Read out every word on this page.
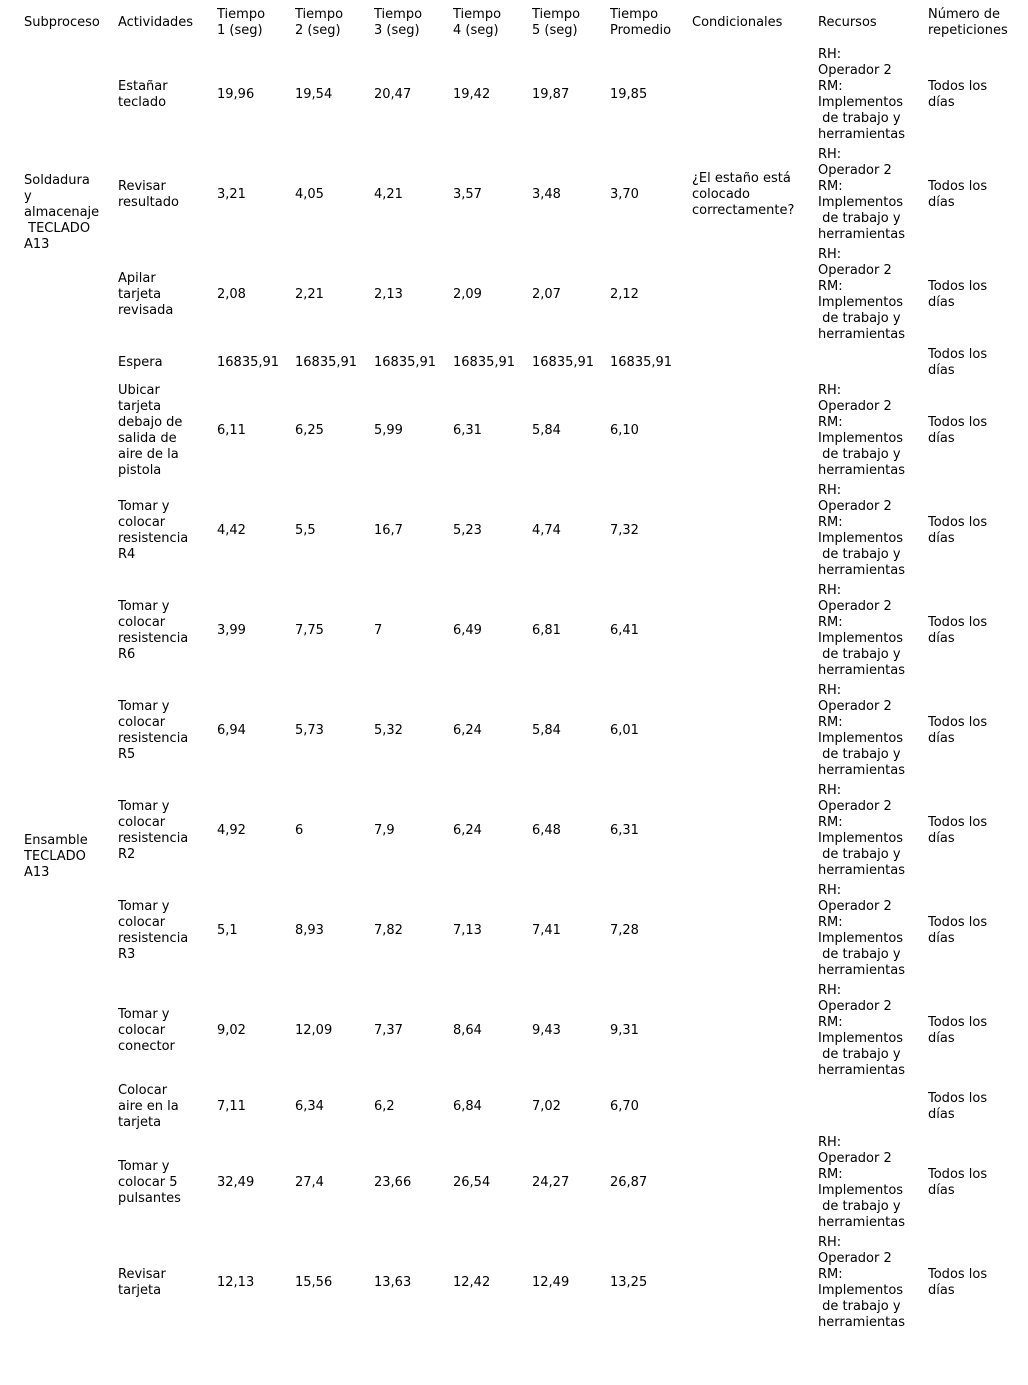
Subproceso	Actividades	Tiempo
1 (seg)	Tiempo
2 (seg)	Tiempo
3 (seg)	Tiempo
4 (seg)	Tiempo
5 (seg)	Tiempo
Promedio	Condicionales	Recursos	Número de
repeticiones
Soldadura
y
almacenaje
TECLADO
A13	Estañar
teclado	19,96	19,54	20,47	19,42	19,87	19,85		RH:
Operador 2
RM:
Implementos
de trabajo y
herramientas	Todos los
días
Revisar
resultado	3,21	4,05	4,21	3,57	3,48	3,70	¿El estaño está
colocado
correctamente?	RH:
Operador 2
RM:
Implementos
de trabajo y
herramientas	Todos los
días
Apilar
tarjeta
revisada	2,08	2,21	2,13	2,09	2,07	2,12		RH:
Operador 2
RM:
Implementos
de trabajo y
herramientas	Todos los
días
	Espera	16835,91	16835,91	16835,91	16835,91	16835,91	16835,91			Todos los
días
Ensamble
TECLADO
A13	Ubicar
tarjeta
debajo de
salida de
aire de la
pistola	6,11	6,25	5,99	6,31	5,84	6,10		RH:
Operador 2
RM:
Implementos
de trabajo y
herramientas	Todos los
días
Tomar y
colocar
resistencia
R4	4,42	5,5	16,7	5,23	4,74	7,32		RH:
Operador 2
RM:
Implementos
de trabajo y
herramientas	Todos los
días
Tomar y
colocar
resistencia
R6	3,99	7,75	7	6,49	6,81	6,41		RH:
Operador 2
RM:
Implementos
de trabajo y
herramientas	Todos los
días
Tomar y
colocar
resistencia
R5	6,94	5,73	5,32	6,24	5,84	6,01		RH:
Operador 2
RM:
Implementos
de trabajo y
herramientas	Todos los
días
Tomar y
colocar
resistencia
R2	4,92	6	7,9	6,24	6,48	6,31		RH:
Operador 2
RM:
Implementos
de trabajo y
herramientas	Todos los
días
Tomar y
colocar
resistencia
R3	5,1	8,93	7,82	7,13	7,41	7,28		RH:
Operador 2
RM:
Implementos
de trabajo y
herramientas	Todos los
días
Tomar y
colocar
conector	9,02	12,09	7,37	8,64	9,43	9,31		RH:
Operador 2
RM:
Implementos
de trabajo y
herramientas	Todos los
días
	Colocar
aire en la
tarjeta	7,11	6,34	6,2	6,84	7,02	6,70			Todos los
días
Tomar y
colocar 5
pulsantes	32,49	27,4	23,66	26,54	24,27	26,87		RH:
Operador 2
RM:
Implementos
de trabajo y
herramientas	Todos los
días
Revisar
tarjeta	12,13	15,56	13,63	12,42	12,49	13,25		RH:
Operador 2
RM:
Implementos
de trabajo y
herramientas	Todos los
días
